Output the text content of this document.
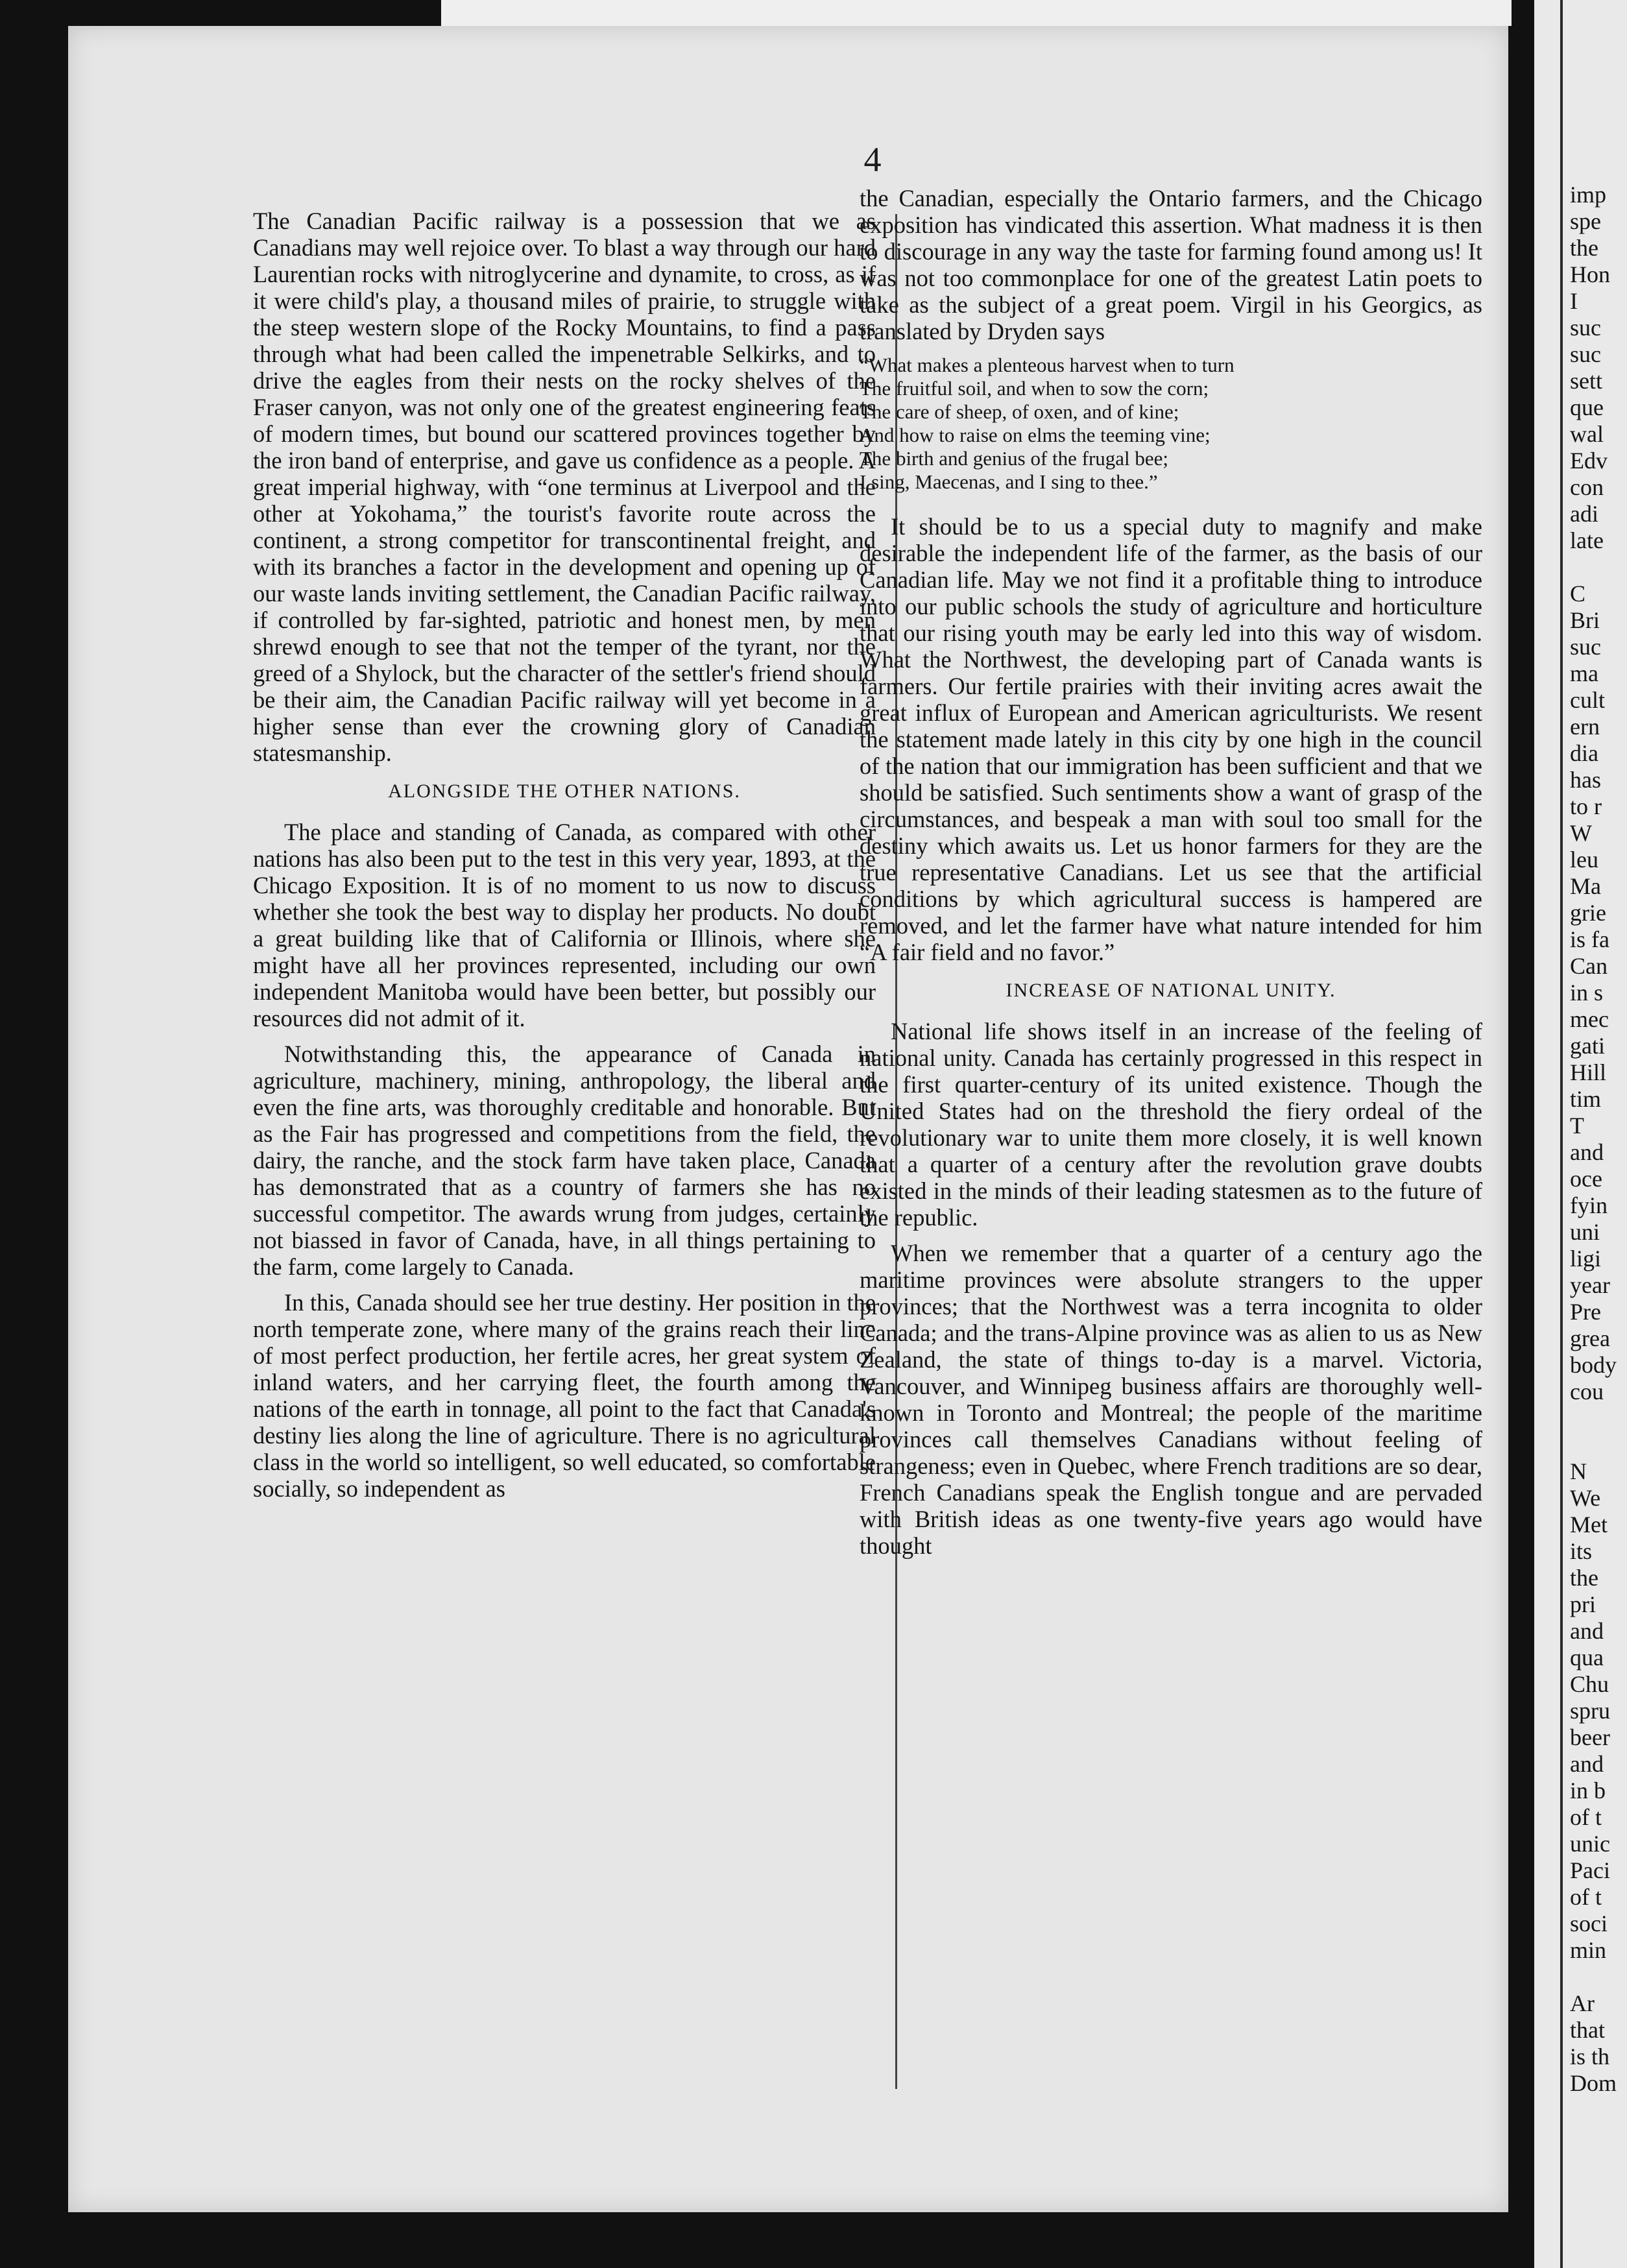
4

The Canadian Pacific railway is a possession that we as Canadians may well rejoice over. To blast a way through our hard Laurentian rocks with nitroglycerine and dynamite, to cross, as if it were child's play, a thousand miles of prairie, to struggle with the steep western slope of the Rocky Mountains, to find a pass through what had been called the impenetrable Selkirks, and to drive the eagles from their nests on the rocky shelves of the Fraser canyon, was not only one of the greatest engineering feats of modern times, but bound our scattered provinces together by the iron band of enterprise, and gave us confidence as a people. A great imperial highway, with “one terminus at Liverpool and the other at Yokohama,” the tourist's favorite route across the continent, a strong competitor for transcontinental freight, and with its branches a factor in the development and opening up of our waste lands inviting settlement, the Canadian Pacific railway, if controlled by far-sighted, patriotic and honest men, by men shrewd enough to see that not the temper of the tyrant, nor the greed of a Shylock, but the character of the settler's friend should be their aim, the Canadian Pacific railway will yet become in a higher sense than ever the crowning glory of Canadian statesmanship.

ALONGSIDE THE OTHER NATIONS.

The place and standing of Canada, as compared with other nations has also been put to the test in this very year, 1893, at the Chicago Exposition. It is of no moment to us now to discuss whether she took the best way to display her products. No doubt a great building like that of California or Illinois, where she might have all her provinces represented, including our own independent Manitoba would have been better, but possibly our resources did not admit of it.

Notwithstanding this, the appearance of Canada in agriculture, machinery, mining, anthropology, the liberal and even the fine arts, was thoroughly creditable and honorable. But as the Fair has progressed and competitions from the field, the dairy, the ranche, and the stock farm have taken place, Canada has demonstrated that as a country of farmers she has no successful competitor. The awards wrung from judges, certainly not biassed in favor of Canada, have, in all things pertaining to the farm, come largely to Canada.

In this, Canada should see her true destiny. Her position in the north temperate zone, where many of the grains reach their line of most perfect production, her fertile acres, her great system of inland waters, and her carrying fleet, the fourth among the nations of the earth in tonnage, all point to the fact that Canada's destiny lies along the line of agriculture. There is no agricultural class in the world so intelligent, so well educated, so comfortable socially, so independent as

the Canadian, especially the Ontario farmers, and the Chicago exposition has vindicated this assertion. What madness it is then to discourage in any way the taste for farming found among us! It was not too commonplace for one of the greatest Latin poets to take as the subject of a great poem. Virgil in his Georgics, as translated by Dryden says

“What makes a plenteous harvest when to turn
The fruitful soil, and when to sow the corn;
The care of sheep, of oxen, and of kine;
And how to raise on elms the teeming vine;
The birth and genius of the frugal bee;
I sing, Maecenas, and I sing to thee.”

It should be to us a special duty to magnify and make desirable the independent life of the farmer, as the basis of our Canadian life. May we not find it a profitable thing to introduce into our public schools the study of agriculture and horticulture that our rising youth may be early led into this way of wisdom. What the Northwest, the developing part of Canada wants is farmers. Our fertile prairies with their inviting acres await the great influx of European and American agriculturists. We resent the statement made lately in this city by one high in the council of the nation that our immigration has been sufficient and that we should be satisfied. Such sentiments show a want of grasp of the circumstances, and bespeak a man with soul too small for the destiny which awaits us. Let us honor farmers for they are the true representative Canadians. Let us see that the artificial conditions by which agricultural success is hampered are removed, and let the farmer have what nature intended for him “A fair field and no favor.”

INCREASE OF NATIONAL UNITY.

National life shows itself in an increase of the feeling of national unity. Canada has certainly progressed in this respect in the first quarter-century of its united existence. Though the United States had on the threshold the fiery ordeal of the revolutionary war to unite them more closely, it is well known that a quarter of a century after the revolution grave doubts existed in the minds of their leading statesmen as to the future of the republic.

When we remember that a quarter of a century ago the maritime provinces were absolute strangers to the upper provinces; that the Northwest was a terra incognita to older Canada; and the trans-Alpine province was as alien to us as New Zealand, the state of things to-day is a marvel. Victoria, Vancouver, and Winnipeg business affairs are thoroughly well-known in Toronto and Montreal; the people of the maritime provinces call themselves Canadians without feeling of strangeness; even in Quebec, where French traditions are so dear, French Canadians speak the English tongue and are pervaded with British ideas as one twenty-five years ago would have thought

imp
spe
the
Hon
I
suc
suc
sett
que
wal
Edv
con
adi
late
C
Bri
suc
ma
cult
ern
dia
has
to r
W
leu
Ma
grie
is fa
Can
in s
mec
gati
Hill
tim
T
and
oce
fyin
uni
ligi
year
Pre
grea
body
cou
N
We
Met
its
the
pri
and
qua
Chu
spru
beer
and
in b
of t
unic
Paci
of t
soci
min
Ar
that
is th
Dom
